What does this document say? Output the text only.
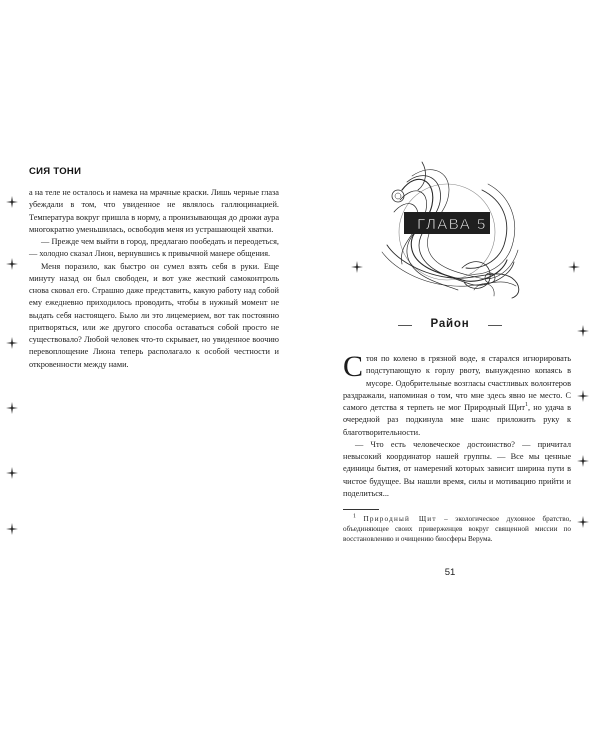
СИЯ ТОНИ

а на теле не осталось и намека на мрачные краски. Лишь черные глаза убеждали в том, что увиденное не являлось галлюцинацией. Температура вокруг пришла в норму, а пронизывающая до дрожи аура многократно уменьшилась, освободив меня из устрашающей хватки.

— Прежде чем выйти в город, предлагаю пообедать и переодеться, — холодно сказал Лион, вернувшись к привычной манере общения.

Меня поразило, как быстро он сумел взять себя в руки. Еще минуту назад он был свободен, и вот уже жесткий самоконтроль снова сковал его. Страшно даже представить, какую работу над собой ему ежедневно приходилось проводить, чтобы в нужный момент не выдать себя настоящего. Было ли это лицемерием, вот так постоянно притворяться, или же другого способа оставаться собой просто не существовало? Любой человек что-то скрывает, но увиденное воочию перевоплощение Лиона теперь располагало к особой честности и откровенности между нами.

ГЛАВА 5

Район

Стоя по колено в грязной воде, я старался игнорировать подступающую к горлу рвоту, вынужденно копаясь в мусоре. Одобрительные возгласы счастливых волонтеров раздражали, напоминая о том, что мне здесь явно не место. С самого детства я терпеть не мог Природный Щит$^1$, но удача в очередной раз подкинула мне шанс приложить руку к благотворительности.

— Что есть человеческое достоинство? — причитал невысокий координатор нашей группы. — Все мы ценные единицы бытия, от намерений которых зависит ширина пути в чистое будущее. Вы нашли время, силы и мотивацию прийти и поделиться...

$^1$ Природный Щит – экологическое духовное братство, объединяющее своих приверженцев вокруг священной миссии по восстановлению и очищению биосферы Верума.

51
